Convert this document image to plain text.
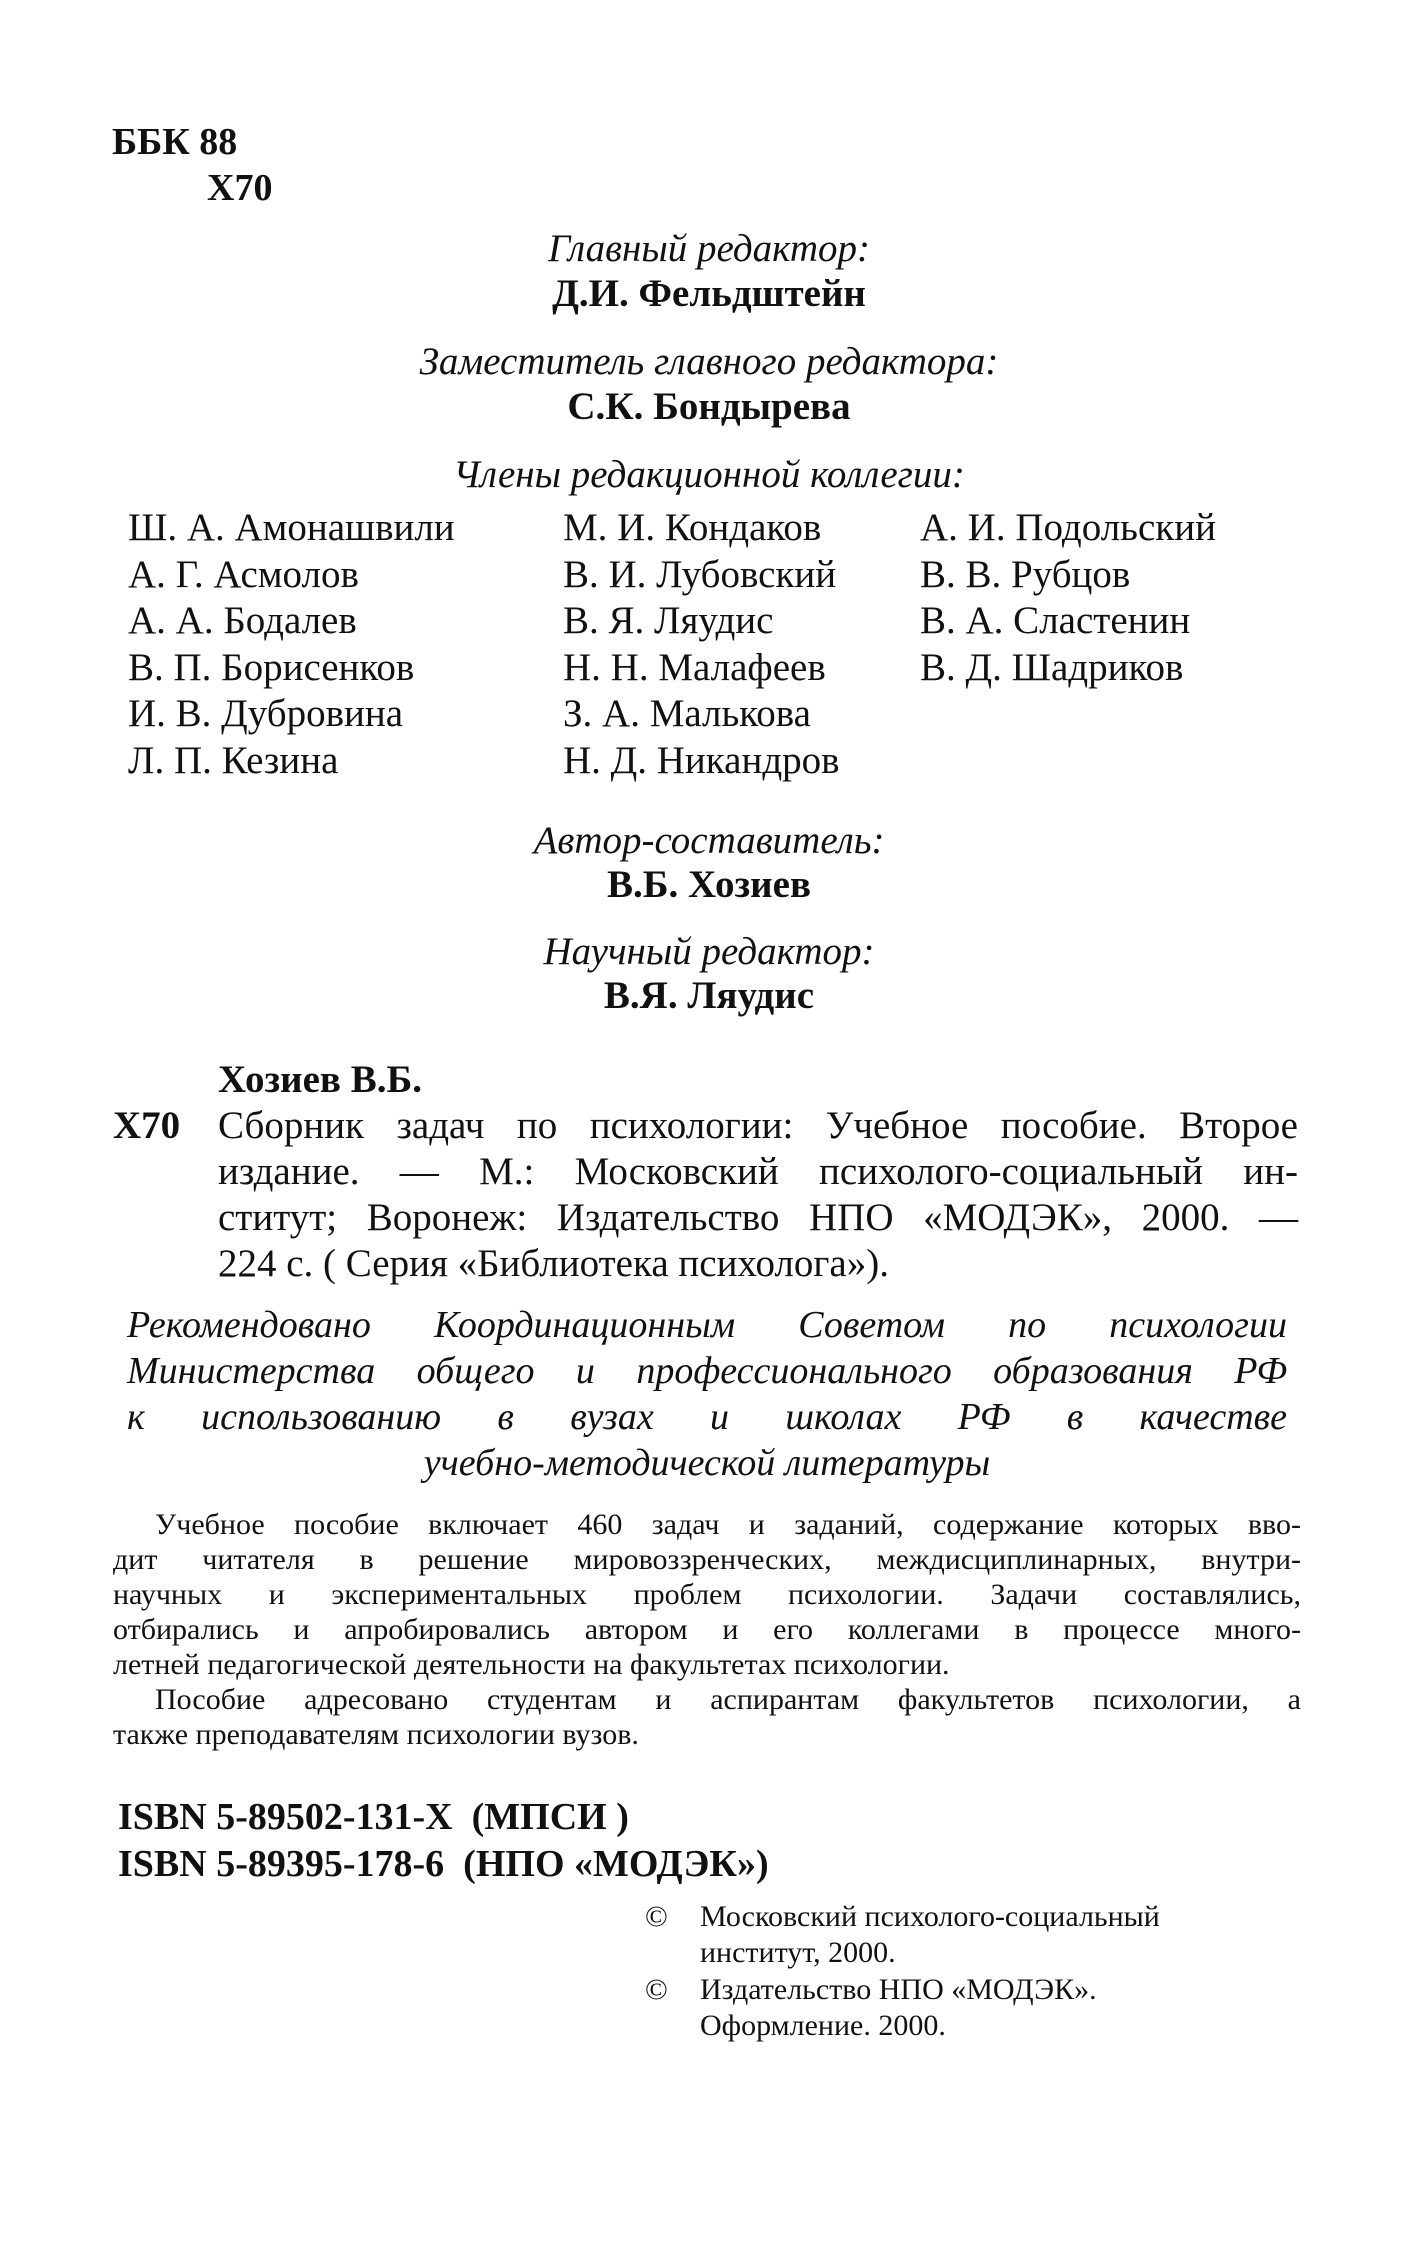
ББК 88
Х70
Главный редактор:
Д.И. Фельдштейн
Заместитель главного редактора:
С.К. Бондырева
Члены редакционной коллегии:
Ш. А. Амонашвили
А. Г. Асмолов
А. А. Бодалев
В. П. Борисенков
И. В. Дубровина
Л. П. Кезина
М. И. Кондаков
В. И. Лубовский
В. Я. Ляудис
Н. Н. Малафеев
З. А. Малькова
Н. Д. Никандров
А. И. Подольский
В. В. Рубцов
В. А. Сластенин
В. Д. Шадриков
Автор-составитель:
В.Б. Хозиев
Научный редактор:
В.Я. Ляудис
Хозиев В.Б.
Х70 Сборник задач по психологии: Учебное пособие. Второе
издание. — М.: Московский психолого-социальный ин-
ститут; Воронеж: Издательство НПО «МОДЭК», 2000. —
224 с. ( Серия «Библиотека психолога»).
Рекомендовано Координационным Советом по психологии
Министерства общего и профессионального образования РФ
к использованию в вузах и школах РФ в качестве
учебно-методической литературы
Учебное пособие включает 460 задач и заданий, содержание которых вво-
дит читателя в решение мировоззренческих, междисциплинарных, внутри-
научных и экспериментальных проблем психологии. Задачи составлялись,
отбирались и апробировались автором и его коллегами в процессе много-
летней педагогической деятельности на факультетах психологии.
Пособие адресовано студентам и аспирантам факультетов психологии, а
также преподавателям психологии вузов.
ISBN 5-89502-131-X  (МПСИ )
ISBN 5-89395-178-6  (НПО «МОДЭК»)
© Московский психолого-социальный
институт, 2000.
© Издательство НПО «МОДЭК».
Оформление. 2000.
